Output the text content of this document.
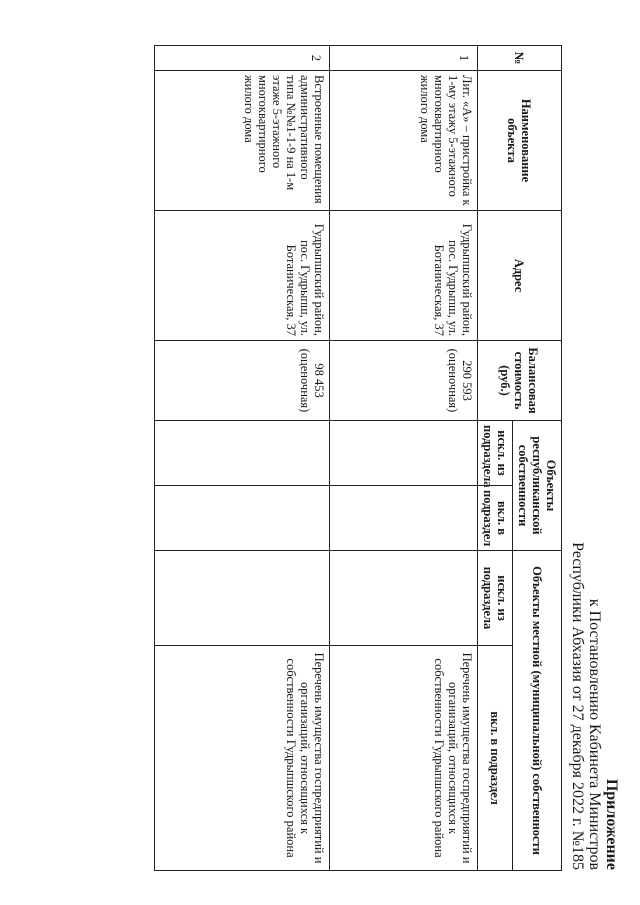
Приложение
к Постановлению Кабинета Министров
Республики Абхазия от 27 декабря 2022 г. №185
№	Наименование объекта	Адрес	Балансовая стоимость (руб.)	Объекты республиканской собственности		Объекты местной (муниципальной) собственности	
				искл. из подраздела	вкл. в подраздел	искл. из подраздела	вкл. в подраздел
1	Лит. «А» – пристройка к 1-му этажу 5-этажного многоквартирного жилого дома	Гудрыпшский район, пос. Гудрыпш, ул. Ботаническая, 37	290 593 (оценочная)				Перечень имущества госпредприятий и организаций, относящихся к собственности Гудрыпшского района
2	Встроенные помещения административного типа №№1-1-9 на 1-м этаже 5-этажного многоквартирного жилого дома	Гудрыпшский район, пос. Гудрыпш, ул. Ботаническая, 37	98 453 (оценочная)				Перечень имущества госпредприятий и организаций, относящихся к собственности Гудрыпшского района
